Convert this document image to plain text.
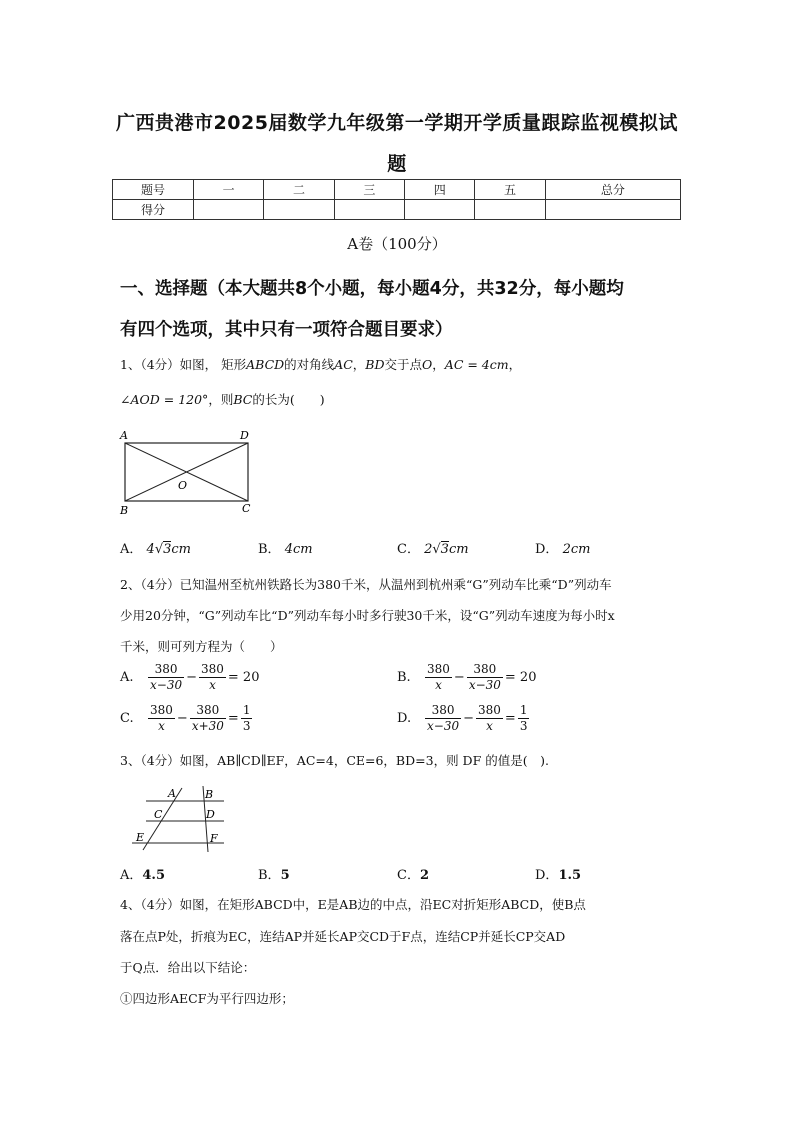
广西贵港市2025届数学九年级第一学期开学质量跟踪监视模拟试
题
题号	一	二	三	四	五	总分
得分						
A卷（100分）
一、选择题（本大题共8个小题，每小题4分，共32分，每小题均
有四个选项，其中只有一项符合题目要求）
1、（4分）如图， 矩形ABCD的对角线AC，BD交于点O，AC = 4cm，
∠AOD = 120°，则BC的长为(　　)
A	D
B	C
O
A． 4√3cm	B． 4cm	C． 2√3cm	D． 2cm
2、（4分）已知温州至杭州铁路长为380千米，从温州到杭州乘“G”列动车比乘“D”列动车
少用20分钟，“G”列动车比“D”列动车每小时多行驶30千米，设“G”列动车速度为每小时x
千米，则可列方程为（　　）
A.	$\frac{380}{x-30} - \frac{380}{x} = 20$	B.	$\frac{380}{x} - \frac{380}{x-30} = 20$
C.	$\frac{380}{x} - \frac{380}{x+30} = \frac{1}{3}$	D.	$\frac{380}{x-30} - \frac{380}{x} = \frac{1}{3}$
3、（4分）如图，AB∥CD∥EF，AC=4，CE=6，BD=3，则 DF 的值是(　).
A	B
C	D
E	F
A．4.5	B．5	C．2	D．1.5
4、（4分）如图，在矩形ABCD中，E是AB边的中点，沿EC对折矩形ABCD，使B点
落在点P处，折痕为EC，连结AP并延长AP交CD于F点，连结CP并延长CP交AD
于Q点．给出以下结论：
①四边形AECF为平行四边形；
